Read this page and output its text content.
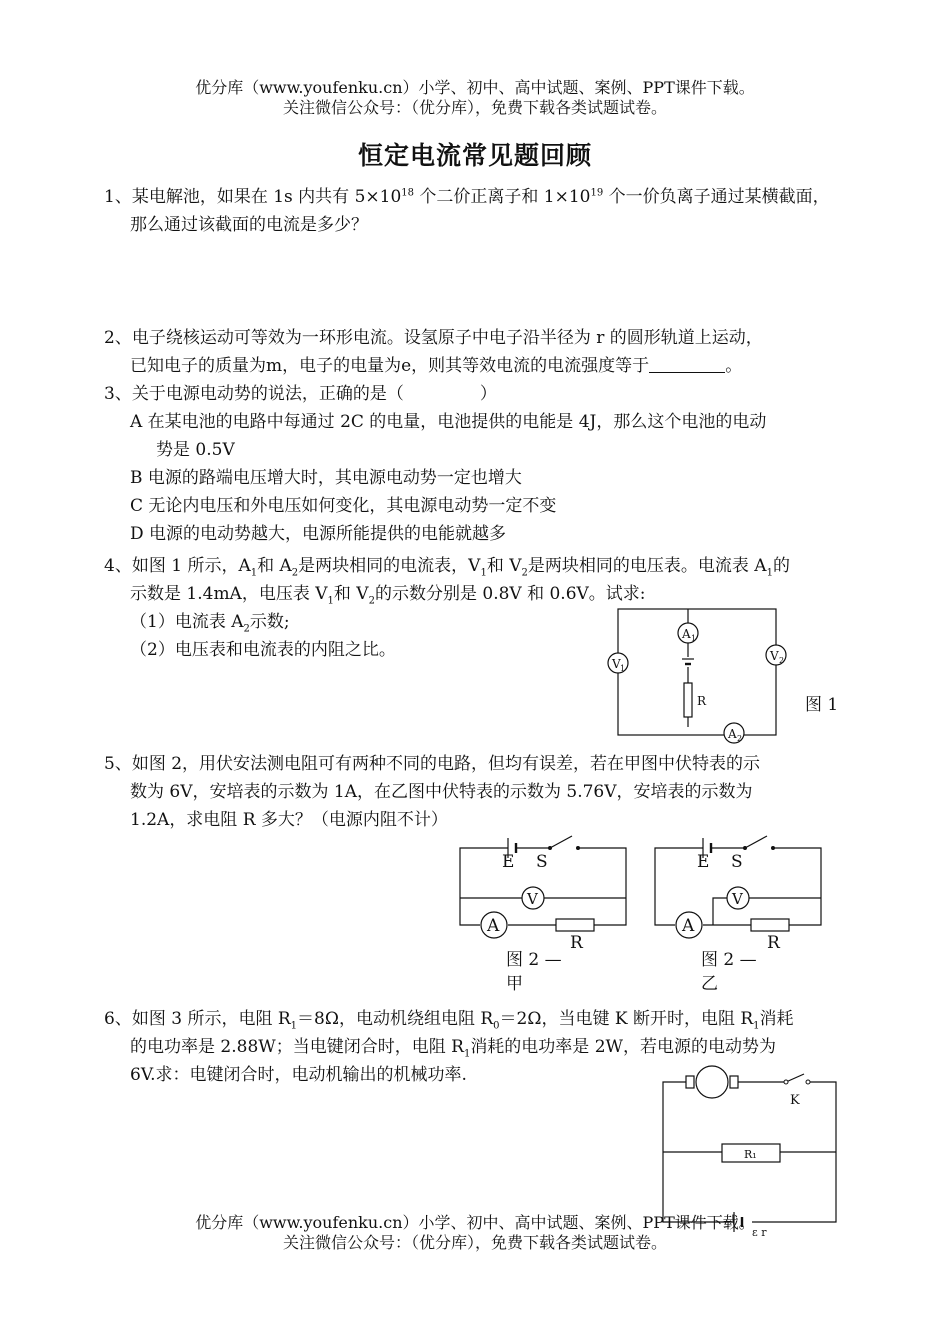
优分库（www.youfenku.cn）小学、初中、高中试题、案例、PPT课件下载。
关注微信公众号：（优分库），免费下载各类试题试卷。
恒定电流常见题回顾

1、某电解池，如果在 1s 内共有 $5\times 10^{18}$ 个二价正离子和 $1\times 10^{19}$ 个一价负离子通过某横截面，

那么通过该截面的电流是多少？

2、电子绕核运动可等效为一环形电流。设氢原子中电子沿半径为 r 的圆形轨道上运动，

已知电子的质量为m，电子的电量为e，则其等效电流的电流强度等于	。

3、关于电源电动势的说法，正确的是（	）

A 在某电池的电路中每通过 2C 的电量，电池提供的电能是 4J，那么这个电池的电动

势是 0.5V

B 电源的路端电压增大时，其电源电动势一定也增大

C 无论内电压和外电压如何变化，其电源电动势一定不变

D 电源的电动势越大，电源所能提供的电能就越多

4、如图 1 所示，$A_1$和 $A_2$是两块相同的电流表，$V_1$和 $V_2$是两块相同的电压表。电流表 $A_1$的

示数是 1.4mA，电压表 $V_1$和 $V_2$的示数分别是 0.8V 和 0.6V。试求:

（1）电流表 $A_2$示数;

（2）电压表和电流表的内阻之比。

A 1
R
V 1
V 2
A 2
图 1

5、如图 2，用伏安法测电阻可有两种不同的电路，但均有误差，若在甲图中伏特表的示

数为 6V，安培表的示数为 1A，在乙图中伏特表的示数为 5.76V，安培表的示数为

1.2A，求电阻 R 多大？（电源内阻不计）

V
A
E S
R
图 2 —
甲
V
A
E S
R
图 2 —
乙

6、如图 3 所示，电阻 $R_1=8\Omega$，电动机绕组电阻 $R_0=2\Omega$，当电键 K 断开时，电阻 $R_1$消耗

的电功率是 2.88W；当电键闭合时，电阻 $R_1$消耗的电功率是 2W，若电源的电动势为

6V.求：电键闭合时，电动机输出的机械功率.

K
R₁
ε r
优分库（www.youfenku.cn）小学、初中、高中试题、案例、PPT课件下载。
关注微信公众号：（优分库），免费下载各类试题试卷。
